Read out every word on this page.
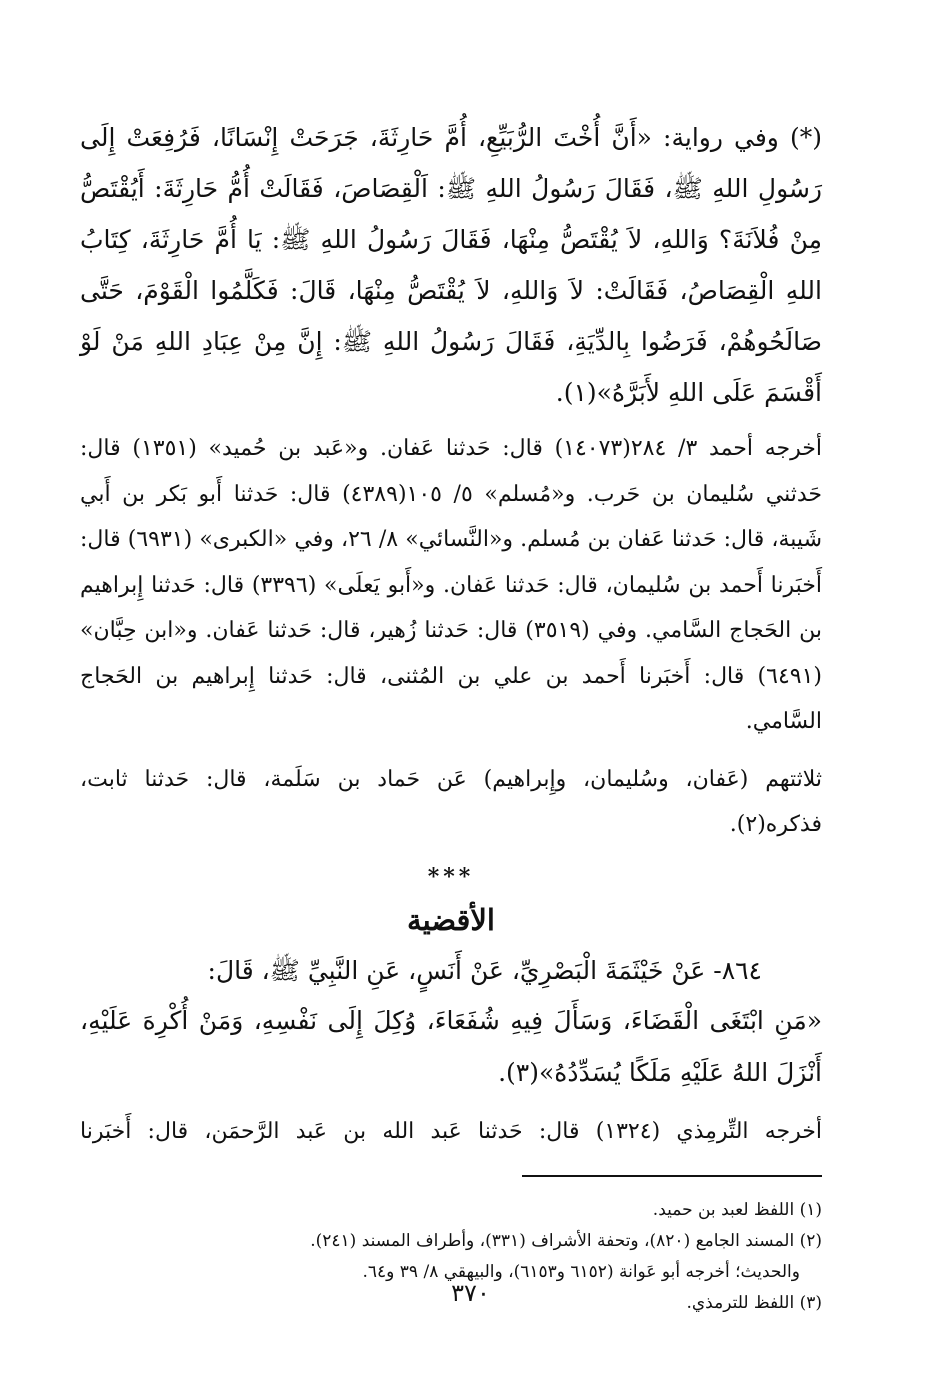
(*) وفي رواية: «أَنَّ أُخْتَ الرُّبَيِّعِ، أُمَّ حَارِثَةَ، جَرَحَتْ إِنْسَانًا، فَرُفِعَتْ إِلَى رَسُولِ اللهِ ﷺ، فَقَالَ رَسُولُ اللهِ ﷺ: اَلْقِصَاصَ، فَقَالَتْ أُمُّ حَارِثَةَ: أَيُقْتَصُّ مِنْ فُلاَنَةَ؟ وَاللهِ، لاَ يُقْتَصُّ مِنْهَا، فَقَالَ رَسُولُ اللهِ ﷺ: يَا أُمَّ حَارِثَةَ، كِتَابُ اللهِ الْقِصَاصُ، فَقَالَتْ: لاَ وَاللهِ، لاَ يُقْتَصُّ مِنْهَا، قَالَ: فَكَلَّمُوا الْقَوْمَ، حَتَّى صَالَحُوهُمْ، فَرَضُوا بِالدِّيَةِ، فَقَالَ رَسُولُ اللهِ ﷺ: إِنَّ مِنْ عِبَادِ اللهِ مَنْ لَوْ أَقْسَمَ عَلَى اللهِ لأَبَرَّهُ»(١).

أخرجه أحمد ٣/ ٢٨٤(١٤٠٧٣) قال: حَدثنا عَفان. و«عَبد بن حُميد» (١٣٥١) قال: حَدثني سُليمان بن حَرب. و«مُسلم» ٥/ ١٠٥(٤٣٨٩) قال: حَدثنا أَبو بَكر بن أَبي شَيبة، قال: حَدثنا عَفان بن مُسلم. و«النَّسائي» ٨/ ٢٦، وفي «الكبرى» (٦٩٣١) قال: أَخبَرنا أَحمد بن سُليمان، قال: حَدثنا عَفان. و«أَبو يَعلَى» (٣٣٩٦) قال: حَدثنا إِبراهيم بن الحَجاج السَّامي. وفي (٣٥١٩) قال: حَدثنا زُهير، قال: حَدثنا عَفان. و«ابن حِبَّان» (٦٤٩١) قال: أَخبَرنا أَحمد بن علي بن المُثنى، قال: حَدثنا إِبراهيم بن الحَجاج السَّامي.

ثلاثتهم (عَفان، وسُليمان، وإِبراهيم) عَن حَماد بن سَلَمة، قال: حَدثنا ثابت، فذكره(٢).

***
الأقضية

٨٦٤- عَنْ خَيْثَمَةَ الْبَصْرِيِّ، عَنْ أَنَسٍ، عَنِ النَّبِيِّ ﷺ، قَالَ:

«مَنِ ابْتَغَى الْقَضَاءَ، وَسَأَلَ فِيهِ شُفَعَاءَ، وُكِلَ إِلَى نَفْسِهِ، وَمَنْ أُكْرِهَ عَلَيْهِ، أَنْزَلَ اللهُ عَلَيْهِ مَلَكًا يُسَدِّدُهُ»(٣).

أخرجه التِّرمِذي (١٣٢٤) قال: حَدثنا عَبد الله بن عَبد الرَّحمَن، قال: أَخبَرنا

(١) اللفظ لعبد بن حميد.

(٢) المسند الجامع (٨٢٠)، وتحفة الأشراف (٣٣١)، وأطراف المسند (٢٤١).

والحديث؛ أخرجه أبو عَوانة (٦١٥٢ و٦١٥٣)، والبيهقي ٨/ ٣٩ و٦٤.

(٣) اللفظ للترمذي.

٣٧٠
